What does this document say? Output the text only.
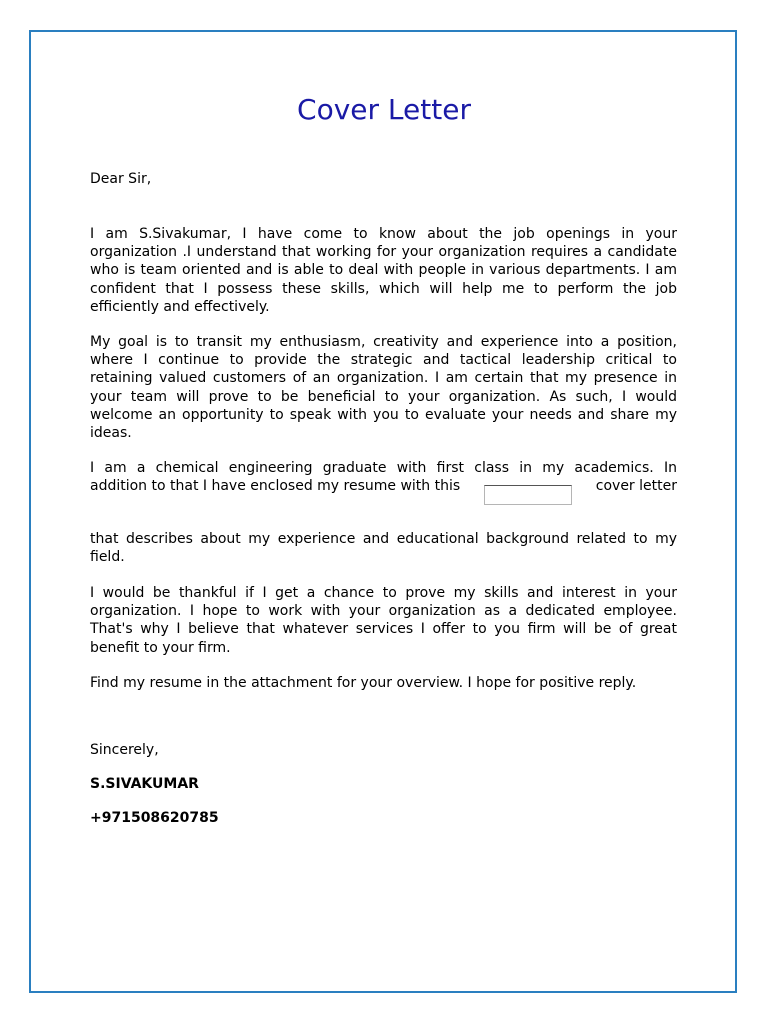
Cover Letter
Dear Sir,
I am S.Sivakumar, I have come to know about the job openings in your organization .I understand that working for your organization requires a candidate who is team oriented and is able to deal with people in various departments. I am confident that I possess these skills, which will help me to perform the job efficiently and effectively.
My goal is to transit my enthusiasm, creativity and experience into a position, where I continue to provide the strategic and tactical leadership critical to retaining valued customers of an organization. I am certain that my presence in your team will prove to be beneficial to your organization. As such, I would welcome an opportunity to speak with you to evaluate your needs and share my ideas.
I am a chemical engineering graduate with first class in my academics. In
addition to that I have enclosed my resume with this	cover letter
that describes about my experience and educational background related to my field.
I would be thankful if I get a chance to prove my skills and interest in your organization. I hope to work with your organization as a dedicated employee. That's why I believe that whatever services I offer to you firm will be of great benefit to your firm.
Find my resume in the attachment for your overview. I hope for positive reply.
Sincerely,
S.SIVAKUMAR
+971508620785
